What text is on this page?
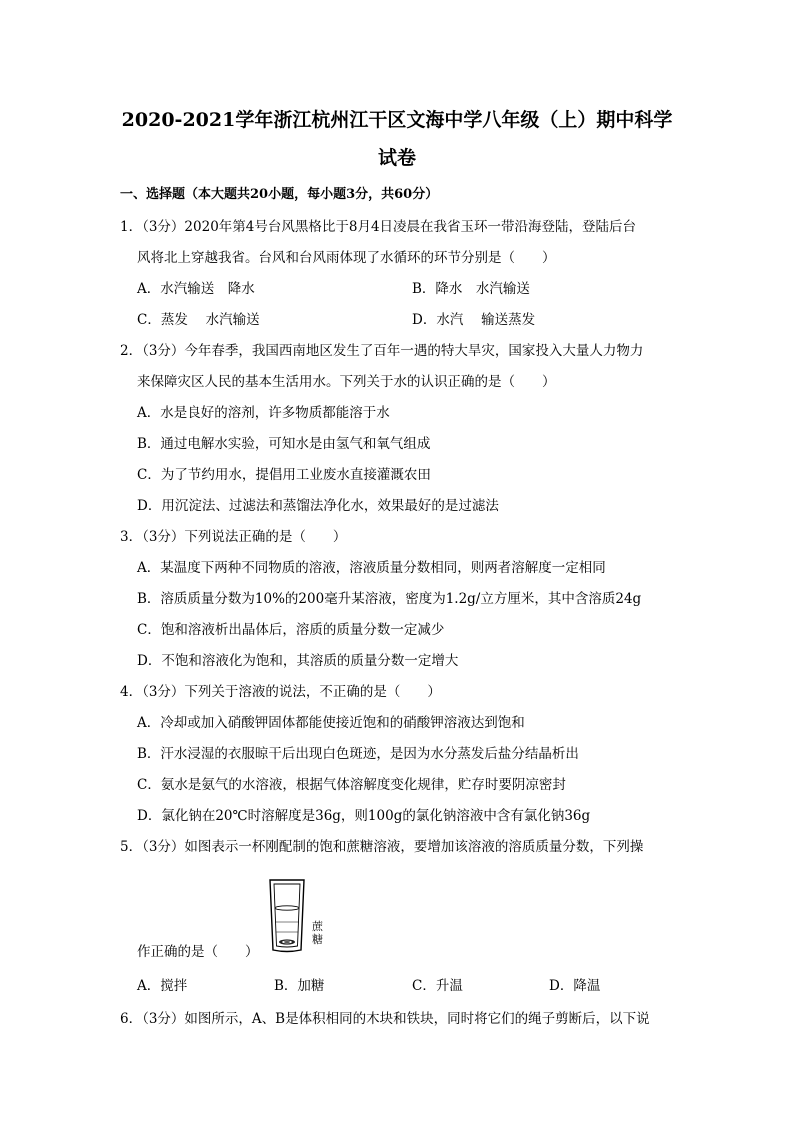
2020-2021学年浙江杭州江干区文海中学八年级（上）期中科学
试卷
一、选择题（本大题共20小题，每小题3分，共60分）
1．（3分）2020年第4号台风黑格比于8月4日凌晨在我省玉环一带沿海登陆，登陆后台
风将北上穿越我省。台风和台风雨体现了水循环的环节分别是（　　）
A．水汽输送　降水	B．降水　水汽输送
C．蒸发　 水汽输送	D．水汽　 输送蒸发
2．（3分）今年春季，我国西南地区发生了百年一遇的特大旱灾，国家投入大量人力物力
来保障灾区人民的基本生活用水。下列关于水的认识正确的是（　　）
A．水是良好的溶剂，许多物质都能溶于水
B．通过电解水实验，可知水是由氢气和氧气组成
C．为了节约用水，提倡用工业废水直接灌溉农田
D．用沉淀法、过滤法和蒸馏法净化水，效果最好的是过滤法
3．（3分）下列说法正确的是（　　）
A．某温度下两种不同物质的溶液，溶液质量分数相同，则两者溶解度一定相同
B．溶质质量分数为10%的200毫升某溶液，密度为1.2g/立方厘米，其中含溶质24g
C．饱和溶液析出晶体后，溶质的质量分数一定减少
D．不饱和溶液化为饱和，其溶质的质量分数一定增大
4．（3分）下列关于溶液的说法，不正确的是（　　）
A．冷却或加入硝酸钾固体都能使接近饱和的硝酸钾溶液达到饱和
B．汗水浸湿的衣服晾干后出现白色斑迹，是因为水分蒸发后盐分结晶析出
C．氨水是氨气的水溶液，根据气体溶解度变化规律，贮存时要阴凉密封
D．氯化钠在20℃时溶解度是36g，则100g的氯化钠溶液中含有氯化钠36g
5．（3分）如图表示一杯刚配制的饱和蔗糖溶液，要增加该溶液的溶质质量分数，下列操
蔗糖
作正确的是（　　）
A．搅拌	B．加糖	C．升温	D．降温
6．（3分）如图所示，A、B是体积相同的木块和铁块，同时将它们的绳子剪断后，以下说
